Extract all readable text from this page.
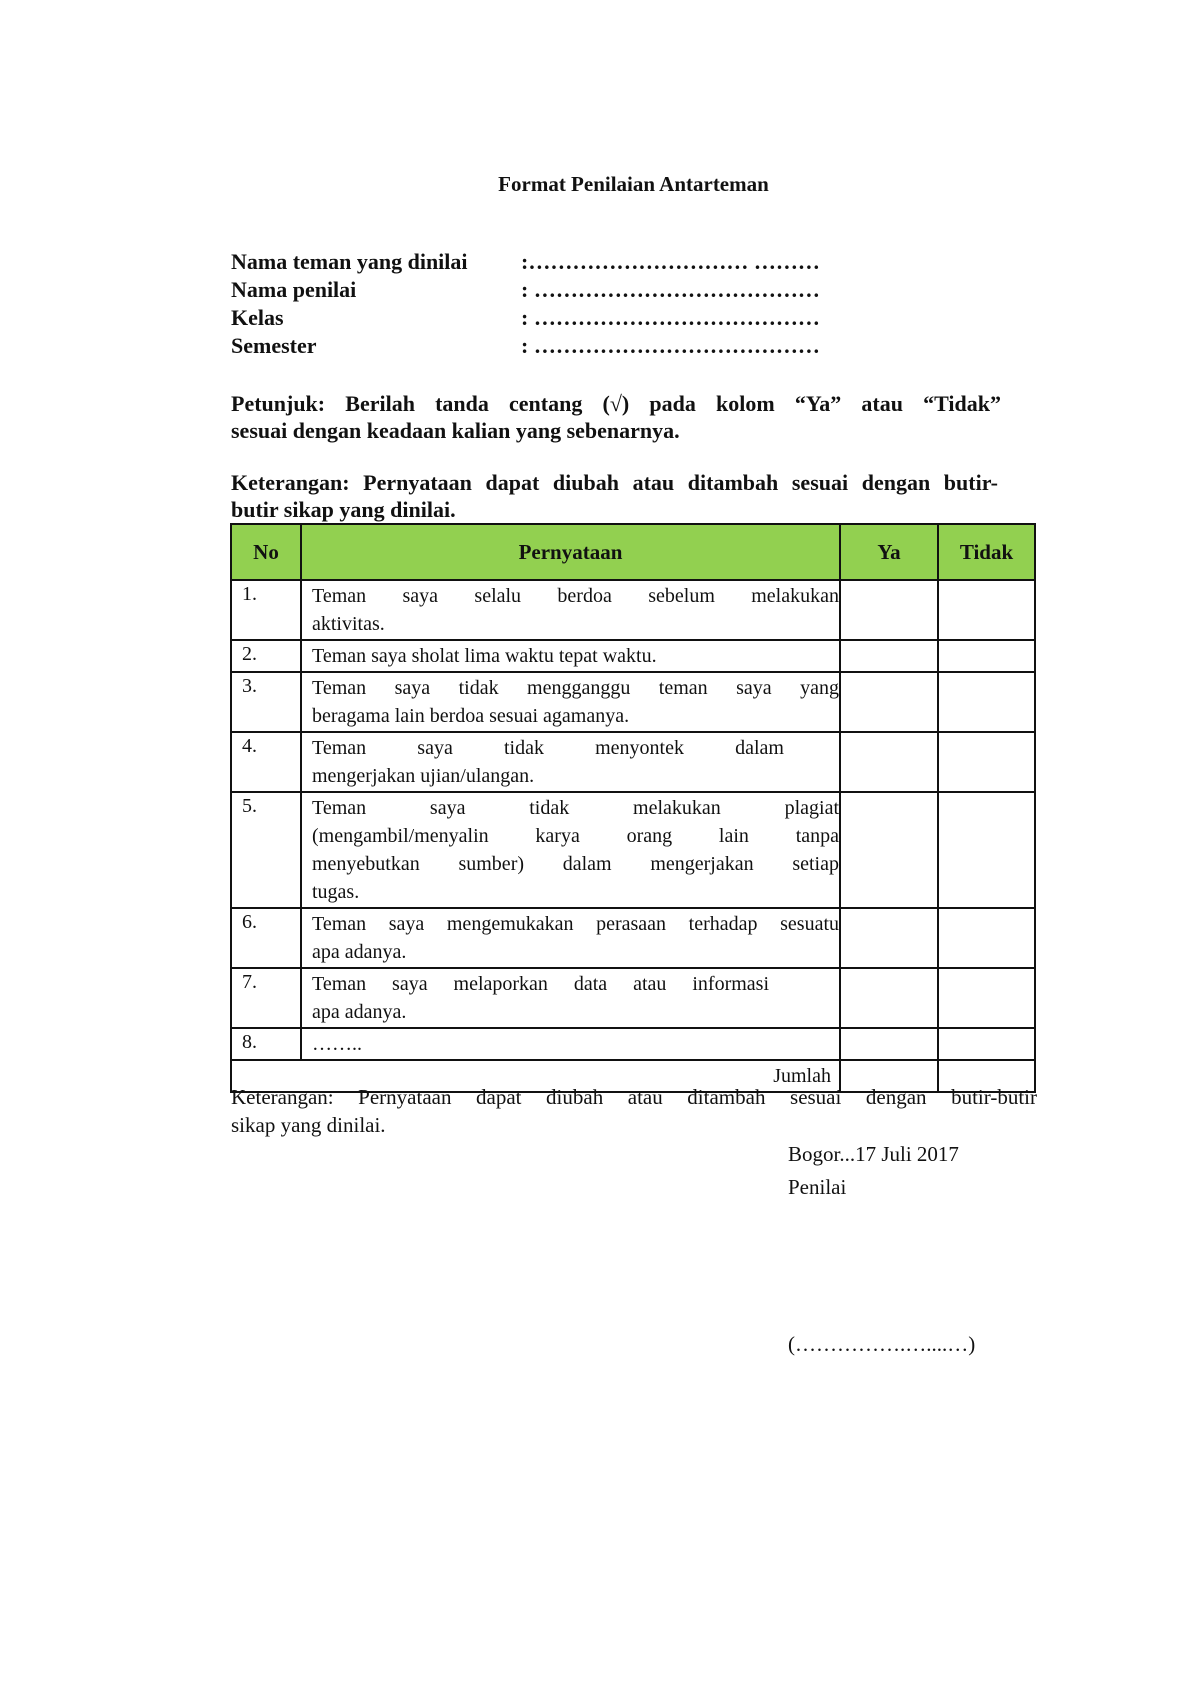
Format Penilaian Antarteman
Nama teman yang dinilai	:………………………… ………
Nama penilai	: …………………………………
Kelas	: …………………………………
Semester	: …………………………………
Petunjuk: Berilah tanda centang (√) pada kolom “Ya” atau “Tidak”
sesuai dengan keadaan kalian yang sebenarnya.
Keterangan: Pernyataan dapat diubah atau ditambah sesuai dengan butir-
butir sikap yang dinilai.
No	Pernyataan	Ya	Tidak
1.	Teman saya selalu berdoa sebelum melakukan
aktivitas.		

2.	Teman saya sholat lima waktu tepat waktu.		

3.	Teman saya tidak mengganggu teman saya yang
beragama lain berdoa sesuai agamanya.		

4.	Teman saya tidak menyontek dalam
mengerjakan ujian/ulangan.		

5.	Teman saya tidak melakukan plagiat
(mengambil/menyalin karya orang lain tanpa
menyebutkan sumber) dalam mengerjakan setiap
tugas.		

6.	Teman saya mengemukakan perasaan terhadap sesuatu
apa adanya.		

7.	Teman saya melaporkan data atau informasi
apa adanya.		

8.	……..		

Jumlah			
Keterangan: Pernyataan dapat diubah atau ditambah sesuai dengan butir-butir
sikap yang dinilai.
Bogor...17 Juli 2017
Penilai
(…………….…....…)
